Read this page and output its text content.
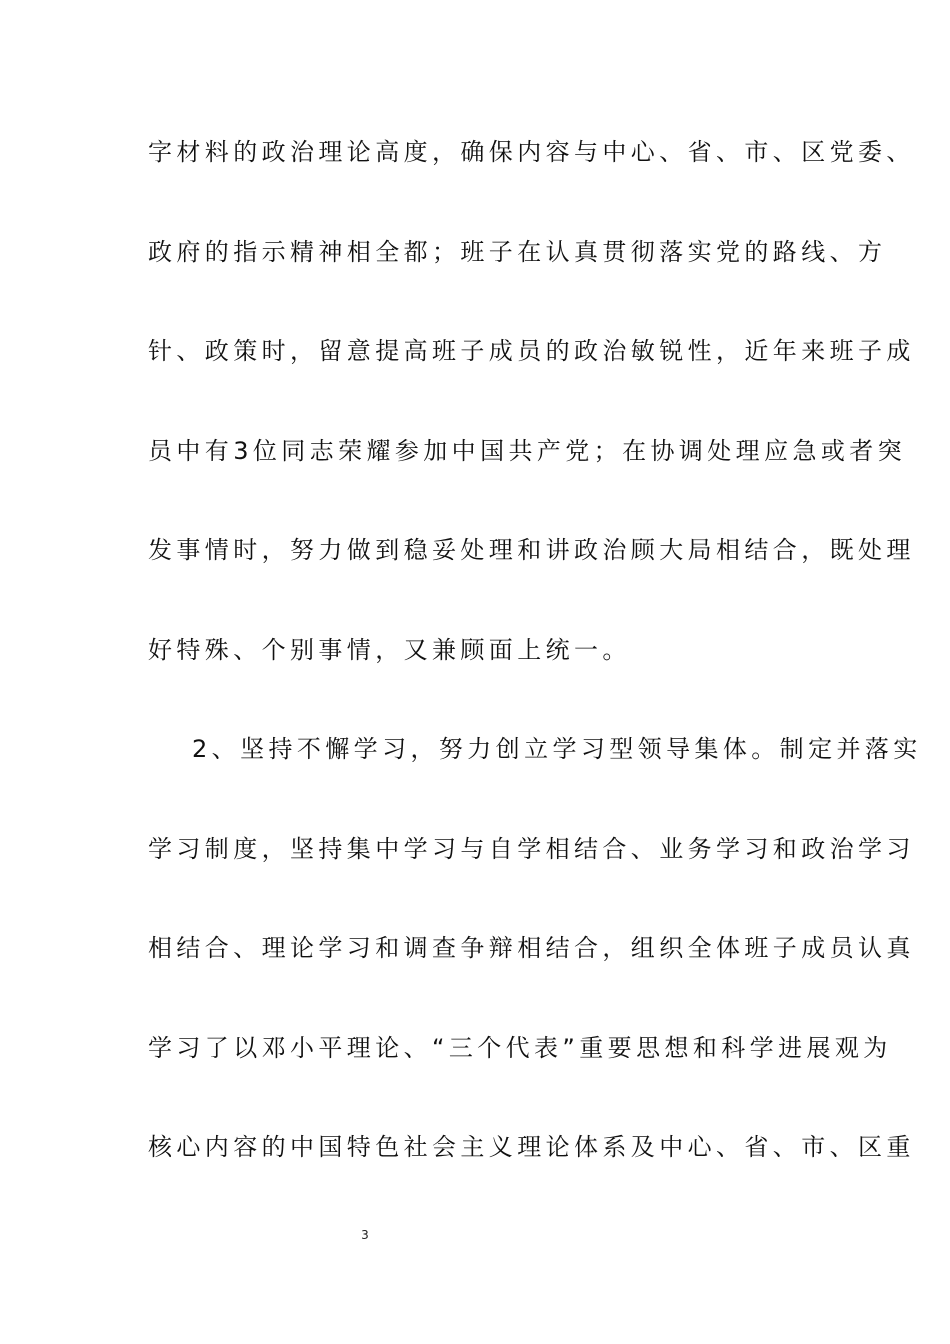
字材料的政治理论高度，确保内容与中心、省、市、区党委、
政府的指示精神相全都；班子在认真贯彻落实党的路线、方
针、政策时，留意提高班子成员的政治敏锐性，近年来班子成
员中有3位同志荣耀参加中国共产党；在协调处理应急或者突
发事情时，努力做到稳妥处理和讲政治顾大局相结合，既处理
好特殊、个别事情，又兼顾面上统一。
2、坚持不懈学习，努力创立学习型领导集体。制定并落实
学习制度，坚持集中学习与自学相结合、业务学习和政治学习
相结合、理论学习和调查争辩相结合，组织全体班子成员认真
学习了以邓小平理论、“三个代表”重要思想和科学进展观为
核心内容的中国特色社会主义理论体系及中心、省、市、区重
3
